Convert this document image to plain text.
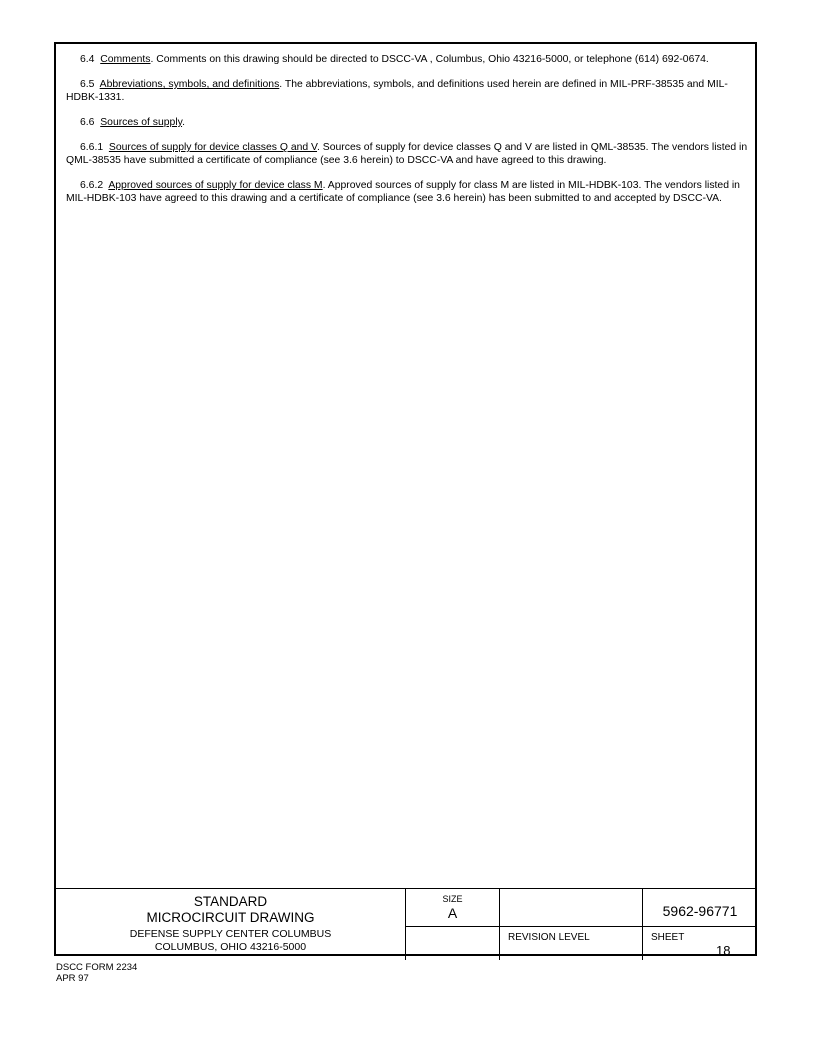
6.4 Comments. Comments on this drawing should be directed to DSCC-VA , Columbus, Ohio 43216-5000, or telephone (614) 692-0674.

6.5 Abbreviations, symbols, and definitions. The abbreviations, symbols, and definitions used herein are defined in MIL-PRF-38535 and MIL-HDBK-1331.

6.6 Sources of supply.

6.6.1 Sources of supply for device classes Q and V. Sources of supply for device classes Q and V are listed in QML-38535. The vendors listed in QML-38535 have submitted a certificate of compliance (see 3.6 herein) to DSCC-VA and have agreed to this drawing.

6.6.2 Approved sources of supply for device class M. Approved sources of supply for class M are listed in MIL-HDBK-103. The vendors listed in MIL-HDBK-103 have agreed to this drawing and a certificate of compliance (see 3.6 herein) has been submitted to and accepted by DSCC-VA.

STANDARD
MICROCIRCUIT DRAWING
DEFENSE SUPPLY CENTER COLUMBUS
COLUMBUS, OHIO 43216-5000
SIZE
A	5962-96771
REVISION LEVEL	SHEET
18
DSCC FORM 2234
APR 97
